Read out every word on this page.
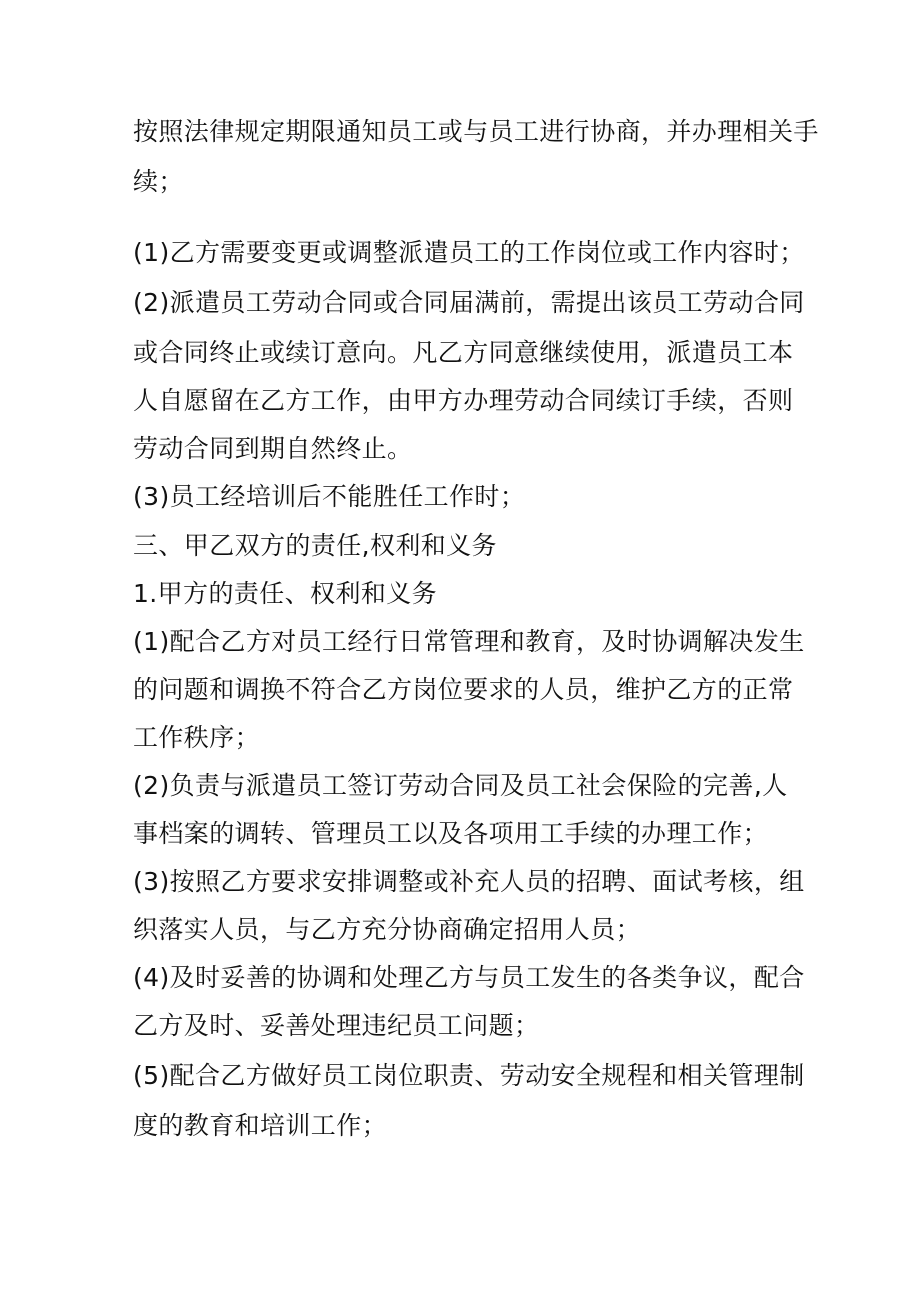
按照法律规定期限通知员工或与员工进行协商，并办理相关手
续；
(1)乙方需要变更或调整派遣员工的工作岗位或工作内容时；
(2)派遣员工劳动合同或合同届满前，需提出该员工劳动合同
或合同终止或续订意向。凡乙方同意继续使用，派遣员工本
人自愿留在乙方工作，由甲方办理劳动合同续订手续，否则
劳动合同到期自然终止。
(3)员工经培训后不能胜任工作时；
三、甲乙双方的责任,权利和义务
1.甲方的责任、权利和义务
(1)配合乙方对员工经行日常管理和教育，及时协调解决发生
的问题和调换不符合乙方岗位要求的人员，维护乙方的正常
工作秩序；
(2)负责与派遣员工签订劳动合同及员工社会保险的完善,人
事档案的调转、管理员工以及各项用工手续的办理工作；
(3)按照乙方要求安排调整或补充人员的招聘、面试考核，组
织落实人员，与乙方充分协商确定招用人员；
(4)及时妥善的协调和处理乙方与员工发生的各类争议，配合
乙方及时、妥善处理违纪员工问题；
(5)配合乙方做好员工岗位职责、劳动安全规程和相关管理制
度的教育和培训工作；
